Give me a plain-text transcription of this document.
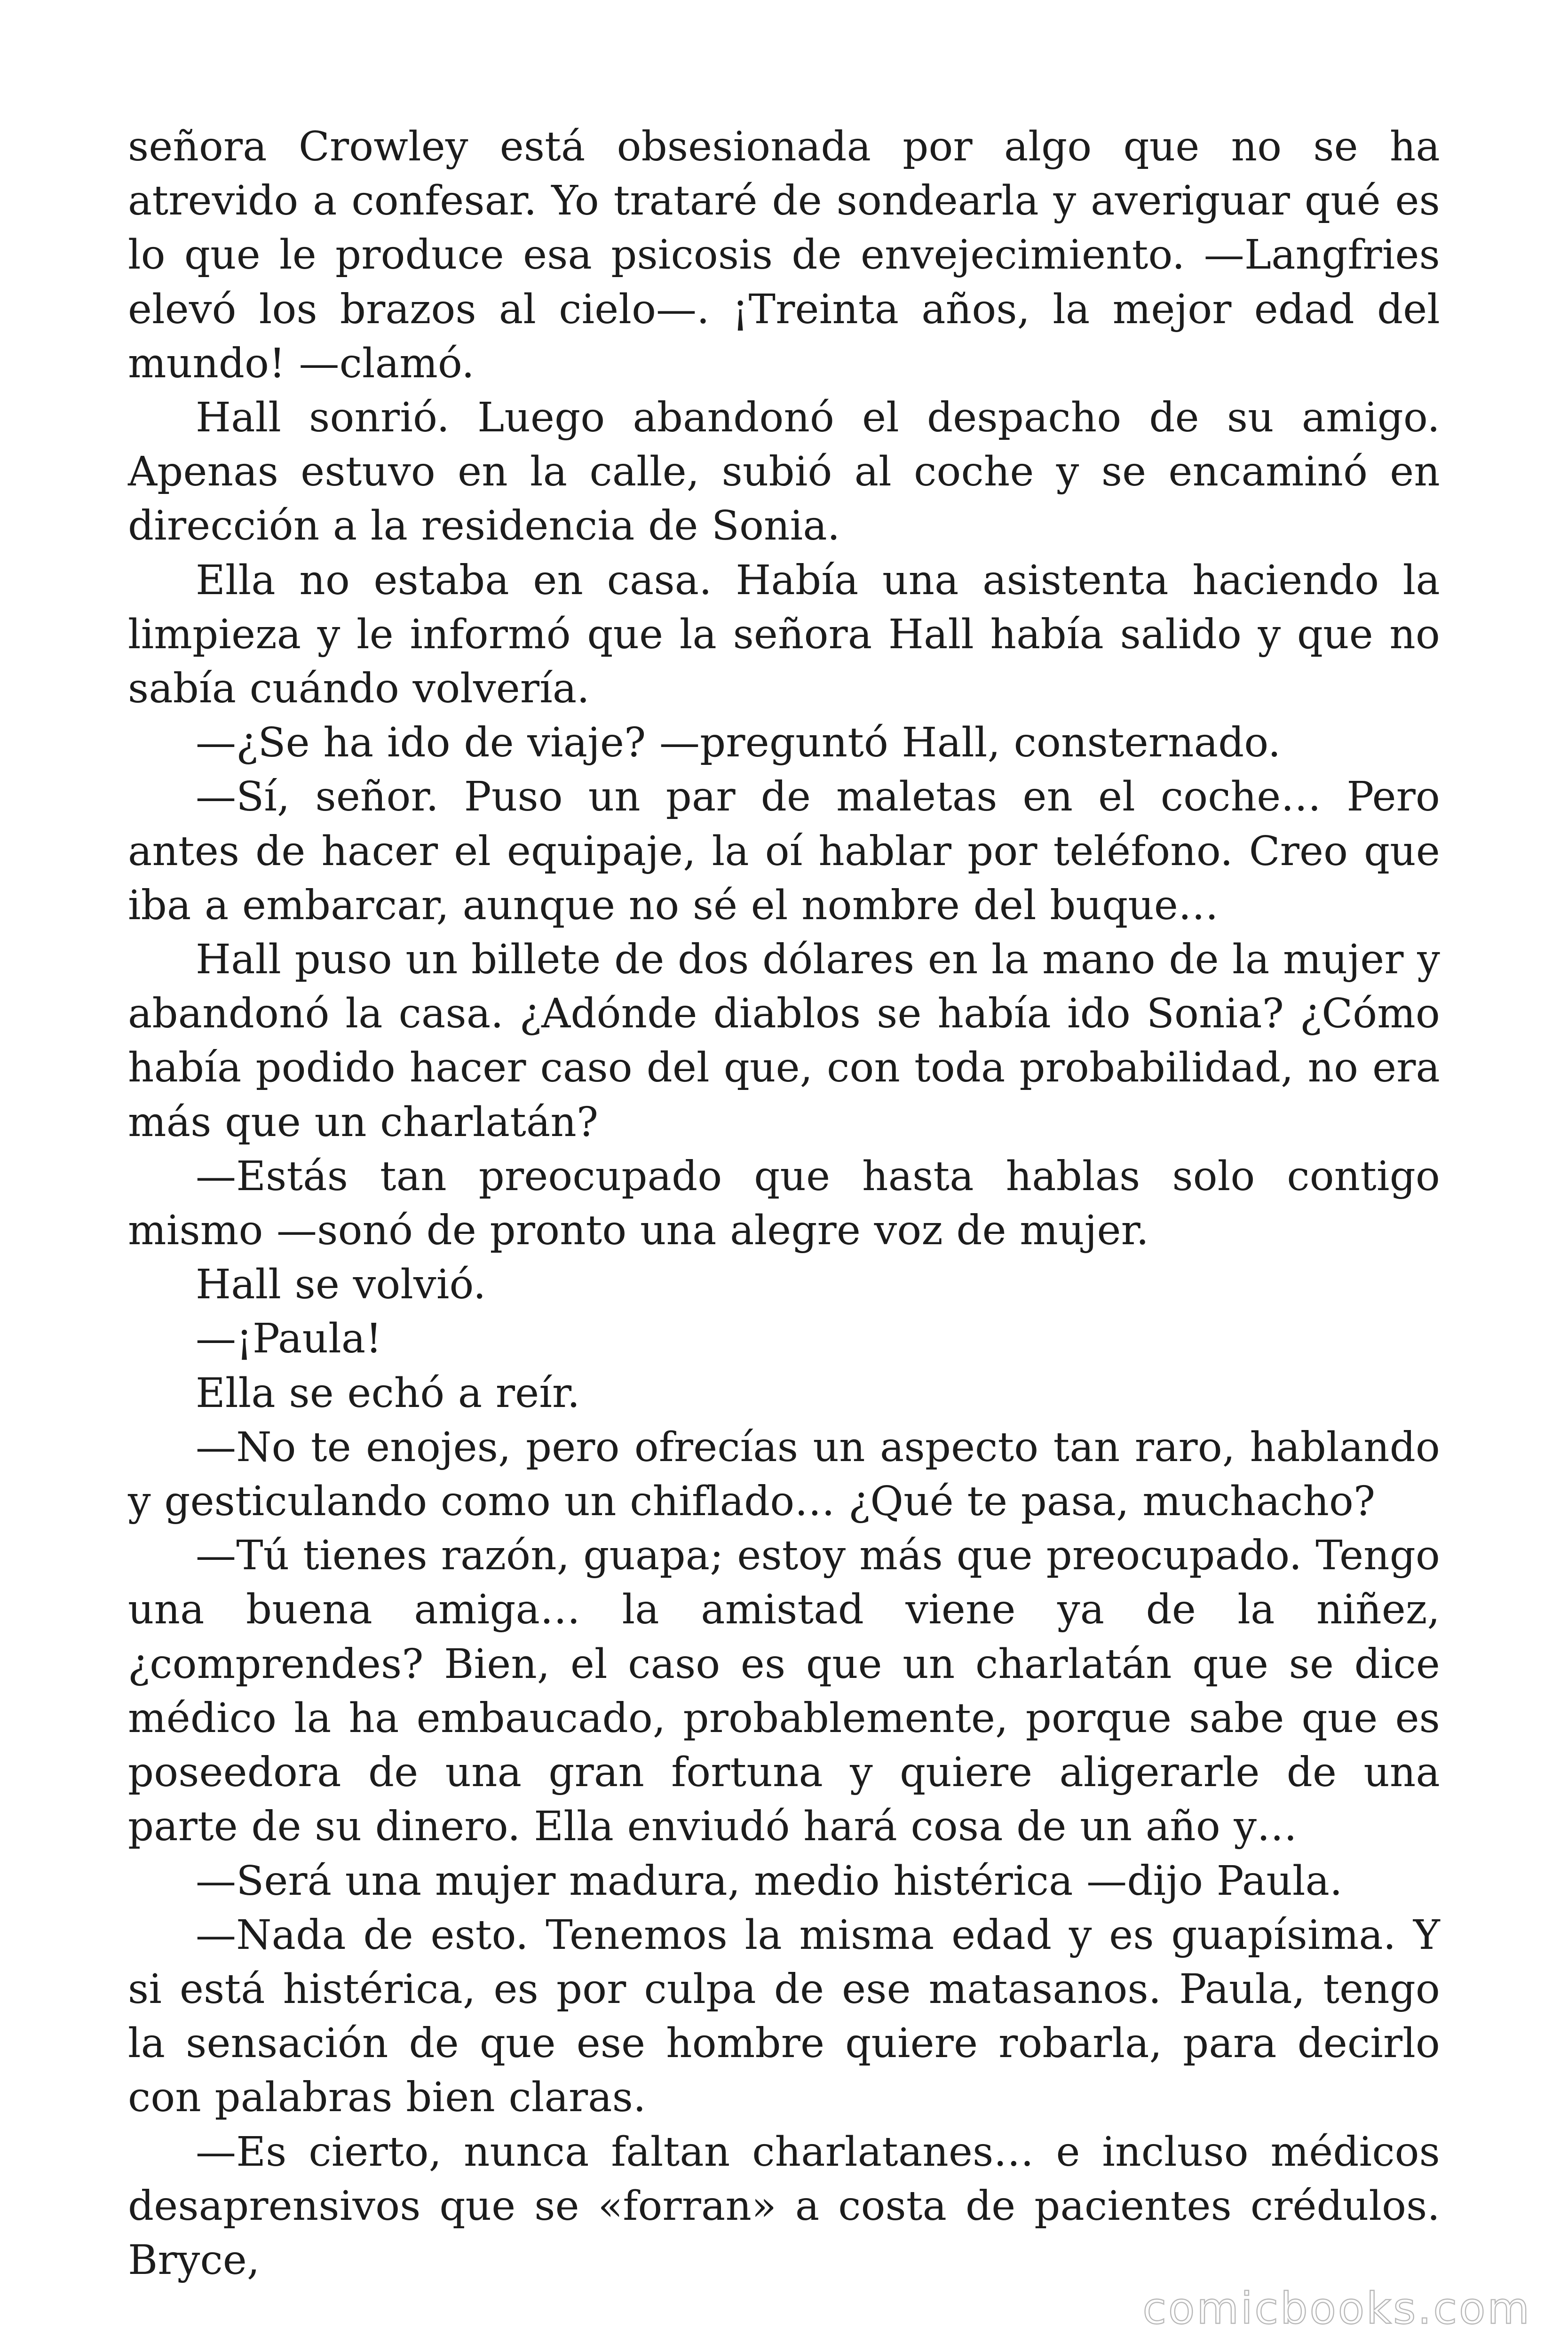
señora Crowley está obsesionada por algo que no se ha atrevido a confesar. Yo trataré de sondearla y averiguar qué es lo que le produce esa psicosis de envejecimiento. —Langfries elevó los brazos al cielo—. ¡Treinta años, la mejor edad del mundo! —clamó.

Hall sonrió. Luego abandonó el despacho de su amigo. Apenas estuvo en la calle, subió al coche y se encaminó en dirección a la residencia de Sonia.

Ella no estaba en casa. Había una asistenta haciendo la limpieza y le informó que la señora Hall había salido y que no sabía cuándo volvería.

—¿Se ha ido de viaje? —preguntó Hall, consternado.

—Sí, señor. Puso un par de maletas en el coche… Pero antes de hacer el equipaje, la oí hablar por teléfono. Creo que iba a embarcar, aunque no sé el nombre del buque…

Hall puso un billete de dos dólares en la mano de la mujer y abandonó la casa. ¿Adónde diablos se había ido Sonia? ¿Cómo había podido hacer caso del que, con toda probabilidad, no era más que un charlatán?

—Estás tan preocupado que hasta hablas solo contigo mismo —sonó de pronto una alegre voz de mujer.

Hall se volvió.

—¡Paula!

Ella se echó a reír.

—No te enojes, pero ofrecías un aspecto tan raro, hablando y gesticulando como un chiflado… ¿Qué te pasa, muchacho?

—Tú tienes razón, guapa; estoy más que preocupado. Tengo una buena amiga… la amistad viene ya de la niñez, ¿comprendes? Bien, el caso es que un charlatán que se dice médico la ha embaucado, probablemente, porque sabe que es poseedora de una gran fortuna y quiere aligerarle de una parte de su dinero. Ella enviudó hará cosa de un año y…

—Será una mujer madura, medio histérica —dijo Paula.

—Nada de esto. Tenemos la misma edad y es guapísima. Y si está histérica, es por culpa de ese matasanos. Paula, tengo la sensación de que ese hombre quiere robarla, para decirlo con palabras bien claras.

—Es cierto, nunca faltan charlatanes… e incluso médicos desaprensivos que se «forran» a costa de pacientes crédulos. Bryce,

comicbooks.com
